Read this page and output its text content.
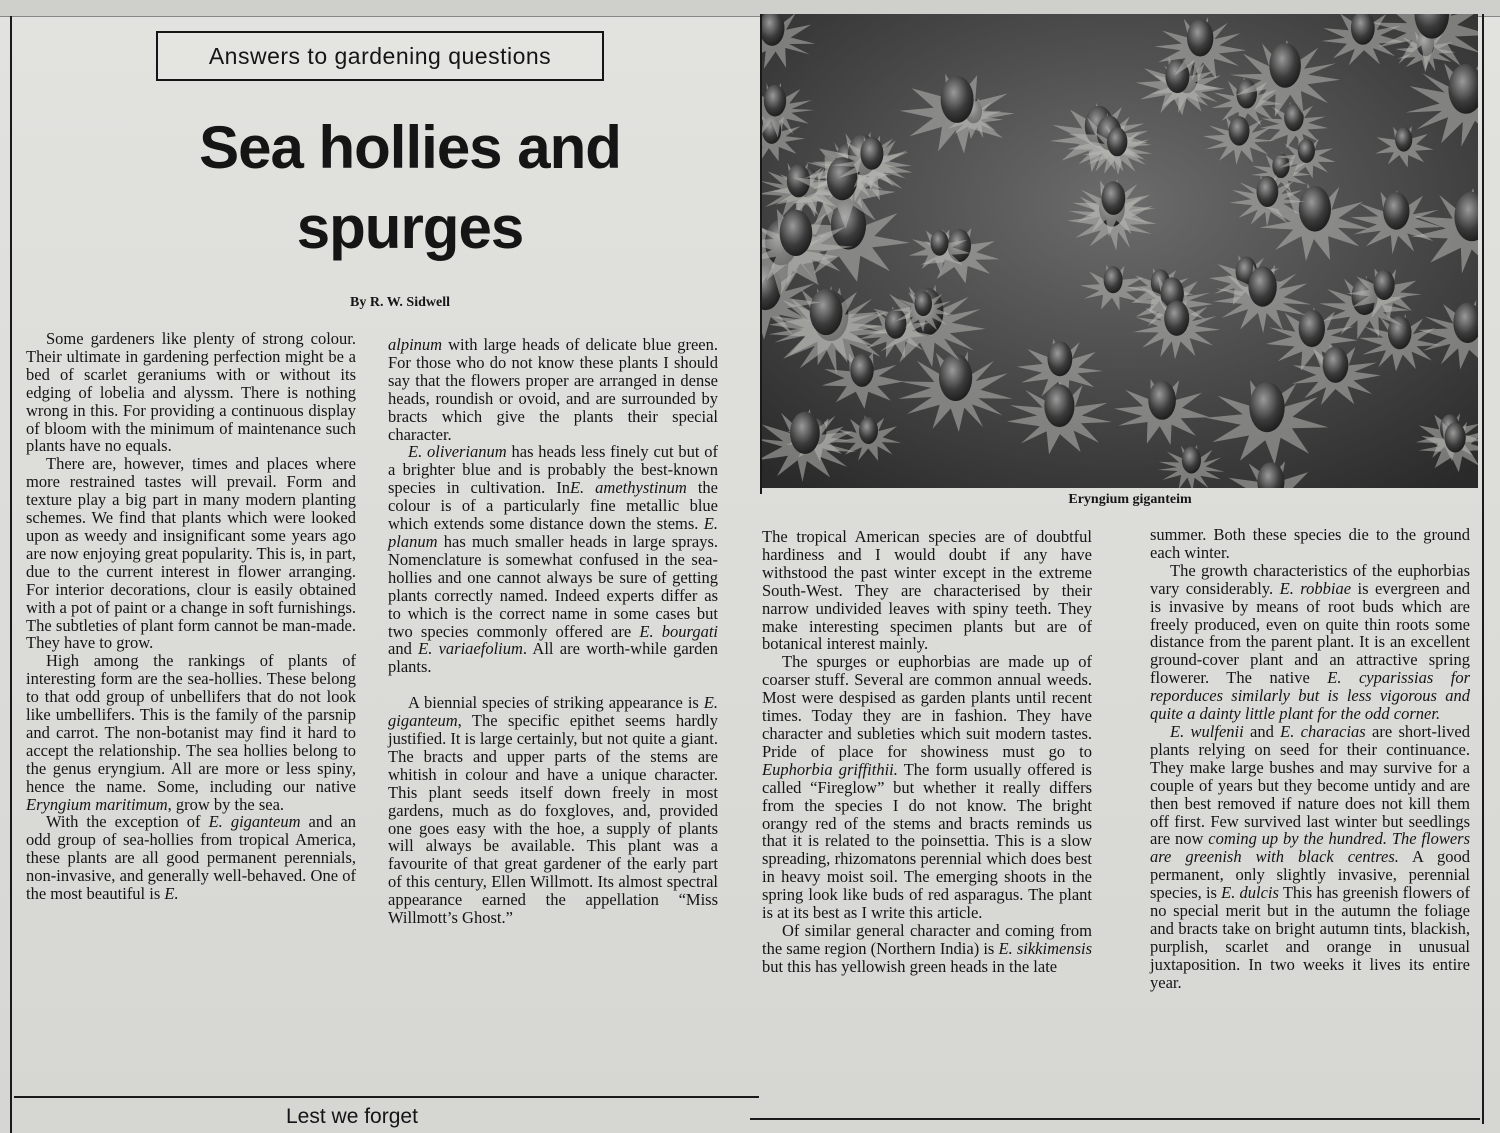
Answers to gardening questions
Sea hollies and
spurges
By R. W. Sidwell

Some gardeners like plenty of strong colour. Their ultimate in gardening perfection might be a bed of scarlet geraniums with or without its edging of lobelia and alyssm. There is nothing wrong in this. For providing a continuous display of bloom with the minimum of maintenance such plants have no equals.

There are, however, times and places where more restrained tastes will prevail. Form and texture play a big part in many modern planting schemes. We find that plants which were looked upon as weedy and insignificant some years ago are now enjoying great popularity. This is, in part, due to the current interest in flower arranging. For interior decorations, clour is easily obtained with a pot of paint or a change in soft furnishings. The subtleties of plant form cannot be man-made. They have to grow.

High among the rankings of plants of interesting form are the sea-hollies. These belong to that odd group of unbellifers that do not look like umbellifers. This is the family of the parsnip and carrot. The non-botanist may find it hard to accept the relationship. The sea hollies belong to the genus eryngium. All are more or less spiny, hence the name. Some, including our native Eryngium maritimum, grow by the sea.

With the exception of E. giganteum and an odd group of sea-hollies from tropical America, these plants are all good permanent perennials, non-invasive, and generally well-behaved. One of the most beautiful is E.

alpinum with large heads of delicate blue green. For those who do not know these plants I should say that the flowers proper are arranged in dense heads, roundish or ovoid, and are surrounded by bracts which give the plants their special character.

E. oliverianum has heads less finely cut but of a brighter blue and is probably the best-known species in cultivation. InE. amethystinum the colour is of a particularly fine metallic blue which extends some distance down the stems. E. planum has much smaller heads in large sprays. Nomenclature is somewhat confused in the sea-hollies and one cannot always be sure of getting plants correctly named. Indeed experts differ as to which is the correct name in some cases but two species commonly offered are E. bourgati and E. variaefolium. All are worth-while garden plants.

A biennial species of striking appearance is E. giganteum, The specific epithet seems hardly justified. It is large certainly, but not quite a giant. The bracts and upper parts of the stems are whitish in colour and have a unique character. This plant seeds itself down freely in most gardens, much as do foxgloves, and, provided one goes easy with the hoe, a supply of plants will always be available. This plant was a favourite of that great gardener of the early part of this century, Ellen Willmott. Its almost spectral appearance earned the appellation “Miss Willmott’s Ghost.”

The tropical American species are of doubtful hardiness and I would doubt if any have withstood the past winter except in the extreme South-West. They are characterised by their narrow undivided leaves with spiny teeth. They make interesting specimen plants but are of botanical interest mainly.

The spurges or euphorbias are made up of coarser stuff. Several are common annual weeds. Most were despised as garden plants until recent times. Today they are in fashion. They have character and subleties which suit modern tastes. Pride of place for showiness must go to Euphorbia griffithii. The form usually offered is called “Fireglow” but whether it really differs from the species I do not know. The bright orangy red of the stems and bracts reminds us that it is related to the poinsettia. This is a slow spreading, rhizomatons perennial which does best in heavy moist soil. The emerging shoots in the spring look like buds of red asparagus. The plant is at its best as I write this article.

Of similar general character and coming from the same region (Northern India) is E. sikkimensis but this has yellowish green heads in the late

summer. Both these species die to the ground each winter.

The growth characteristics of the euphorbias vary considerably. E. robbiae is evergreen and is invasive by means of root buds which are freely produced, even on quite thin roots some distance from the parent plant. It is an excellent ground-cover plant and an attractive spring flowerer. The native E. cyparissias for reporduces similarly but is less vigorous and quite a dainty little plant for the odd corner.

E. wulfenii and E. characias are short-lived plants relying on seed for their continuance. They make large bushes and may survive for a couple of years but they become untidy and are then best removed if nature does not kill them off first. Few survived last winter but seedlings are now coming up by the hundred. The flowers are greenish with black centres. A good permanent, only slightly invasive, perennial species, is E. dulcis This has greenish flowers of no special merit but in the autumn the foliage and bracts take on bright autumn tints, blackish, purplish, scarlet and orange in unusual juxtaposition. In two weeks it lives its entire year.

Eryngium giganteim
Lest we forget
